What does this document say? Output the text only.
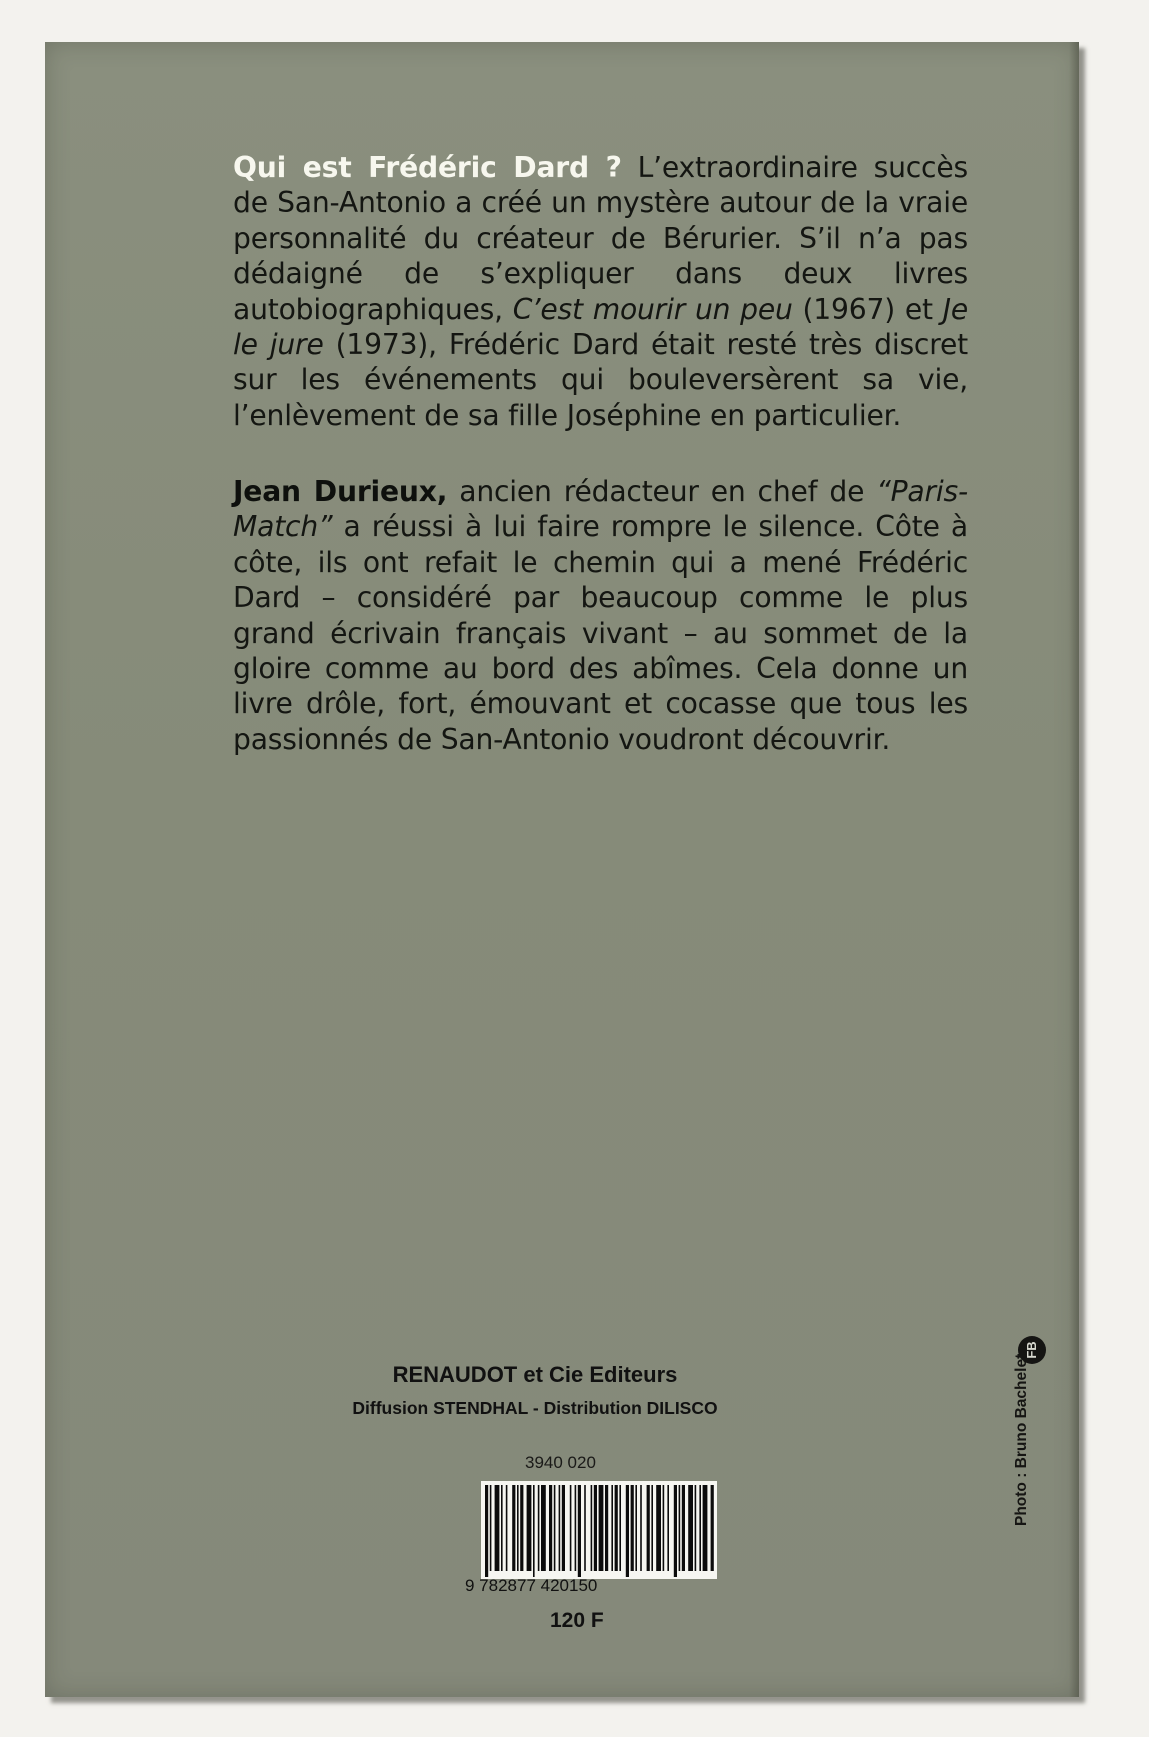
Qui est Frédéric Dard ? L’extraordinaire succès de San-Antonio a créé un mystère autour de la vraie personnalité du créateur de Bérurier. S’il n’a pas dédaigné de s’expliquer dans deux livres autobiographiques, C’est mourir un peu (1967) et Je le jure (1973), Frédéric Dard était resté très discret sur les événements qui bouleversèrent sa vie, l’enlèvement de sa fille Joséphine en particulier.
Jean Durieux, ancien rédacteur en chef de “Paris-Match” a réussi à lui faire rompre le silence. Côte à côte, ils ont refait le chemin qui a mené Frédéric Dard – considéré par beaucoup comme le plus grand écrivain français vivant – au sommet de la gloire comme au bord des abîmes. Cela donne un livre drôle, fort, émouvant et cocasse que tous les passionnés de San-Antonio voudront découvrir.
RENAUDOT et Cie Editeurs
Diffusion STENDHAL - Distribution DILISCO
3940 020
9 782877 420150
120 F
FB
Photo : Bruno Bachelet.
